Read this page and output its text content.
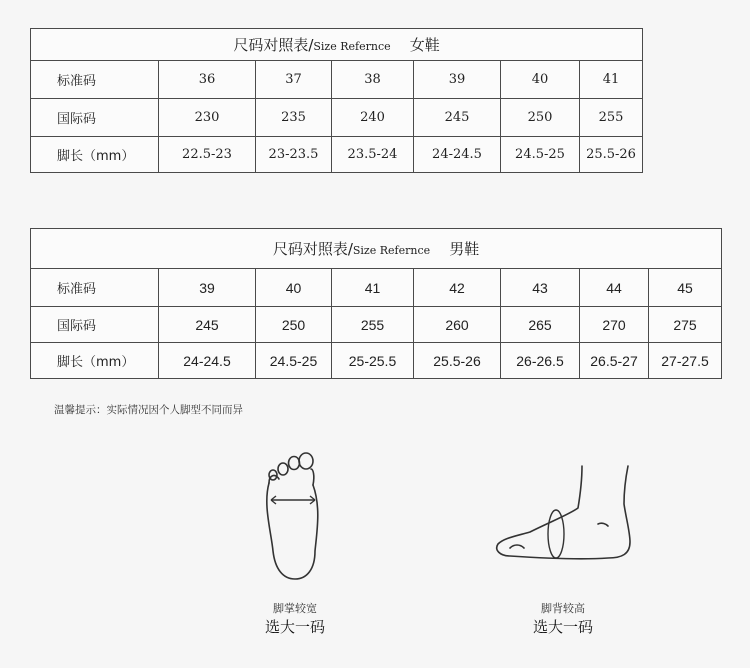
尺码对照表/Size Refernce 女鞋						
标准码	36	37	38	39	40	41
国际码	230	235	240	245	250	255
脚长（mm）	22.5-23	23-23.5	23.5-24	24-24.5	24.5-25	25.5-26
尺码对照表/Size Refernce 男鞋							
标准码	39	40	41	42	43	44	45
国际码	245	250	255	260	265	270	275
脚长（mm）	24-24.5	24.5-25	25-25.5	25.5-26	26-26.5	26.5-27	27-27.5
温馨提示：实际情况因个人脚型不同而异
脚掌较宽
选大一码
脚背较高
选大一码
